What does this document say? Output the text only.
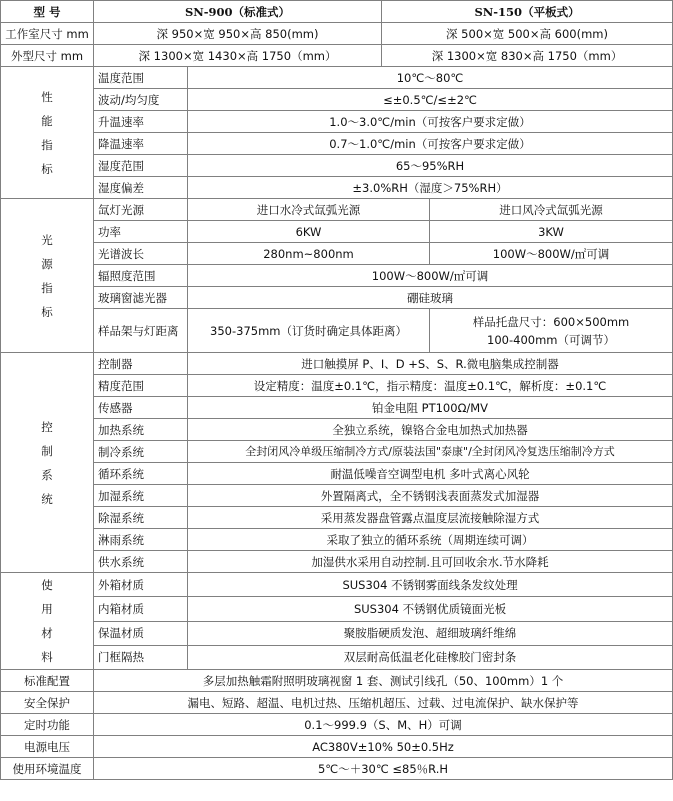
型 号	SN-900（标准式）		SN-150（平板式）	
工作室尺寸 mm	深 950×宽 950×高 850(mm)		深 500×宽 500×高 600(mm)	
外型尺寸 mm	深 1300×宽 1430×高 1750（mm）		深 1300×宽 830×高 1750（mm）	
性能指标	温度范围	10℃～80℃		
	波动/均匀度	≤±0.5℃/≤±2℃		
	升温速率	1.0～3.0℃/min（可按客户要求定做）		
	降温速率	0.7～1.0℃/min（可按客户要求定做）		
	湿度范围	65～95%RH		
	湿度偏差	±3.0%RH（湿度＞75%RH）		
光源指标	氙灯光源	进口水冷式氙弧光源		进口风冷式氙弧光源
	功率	6KW		3KW
	光谱波长	280nm~800nm		100W～800W/㎡可调
	辐照度范围	100W～800W/㎡可调		
	玻璃窗滤光器	硼硅玻璃		
	样品架与灯距离	350-375mm（订货时确定具体距离）		样品托盘尺寸：600×500mm
100-400mm（可调节）

控制系统	控制器	进口触摸屏 P、I、D +S、S、R.微电脑集成控制器		
	精度范围	设定精度：温度±0.1℃，指示精度：温度±0.1℃，解析度：±0.1℃		
	传感器	铂金电阻 PT100Ω/MV		
	加热系统	全独立系统，镍铬合金电加热式加热器		
	制冷系统	全封闭风冷单级压缩制冷方式/原装法国"泰康"/全封闭风冷复迭压缩制冷方式		
	循环系统	耐温低噪音空调型电机 多叶式离心风轮		
	加湿系统	外置隔离式，全不锈钢浅表面蒸发式加湿器		
	除湿系统	采用蒸发器盘管露点温度层流接触除湿方式		
	淋雨系统	采取了独立的循环系统（周期连续可调）		
	供水系统	加湿供水采用自动控制.且可回收余水.节水降耗		
使用材料	外箱材质	SUS304 不锈钢雾面线条发纹处理		
	内箱材质	SUS304 不锈钢优质镜面光板		
	保温材质	聚胺脂硬质发泡、超细玻璃纤维绵		
	门框隔热	双层耐高低温老化硅橡胶门密封条		
标准配置	多层加热触霜附照明玻璃视窗 1 套、测试引线孔（50、100mm）1 个			
安全保护	漏电、短路、超温、电机过热、压缩机超压、过载、过电流保护、缺水保护等			
定时功能	0.1～999.9（S、M、H）可调			
电源电压	AC380V±10% 50±0.5Hz			
使用环境温度	5℃～＋30℃ ≤85％R.H			
